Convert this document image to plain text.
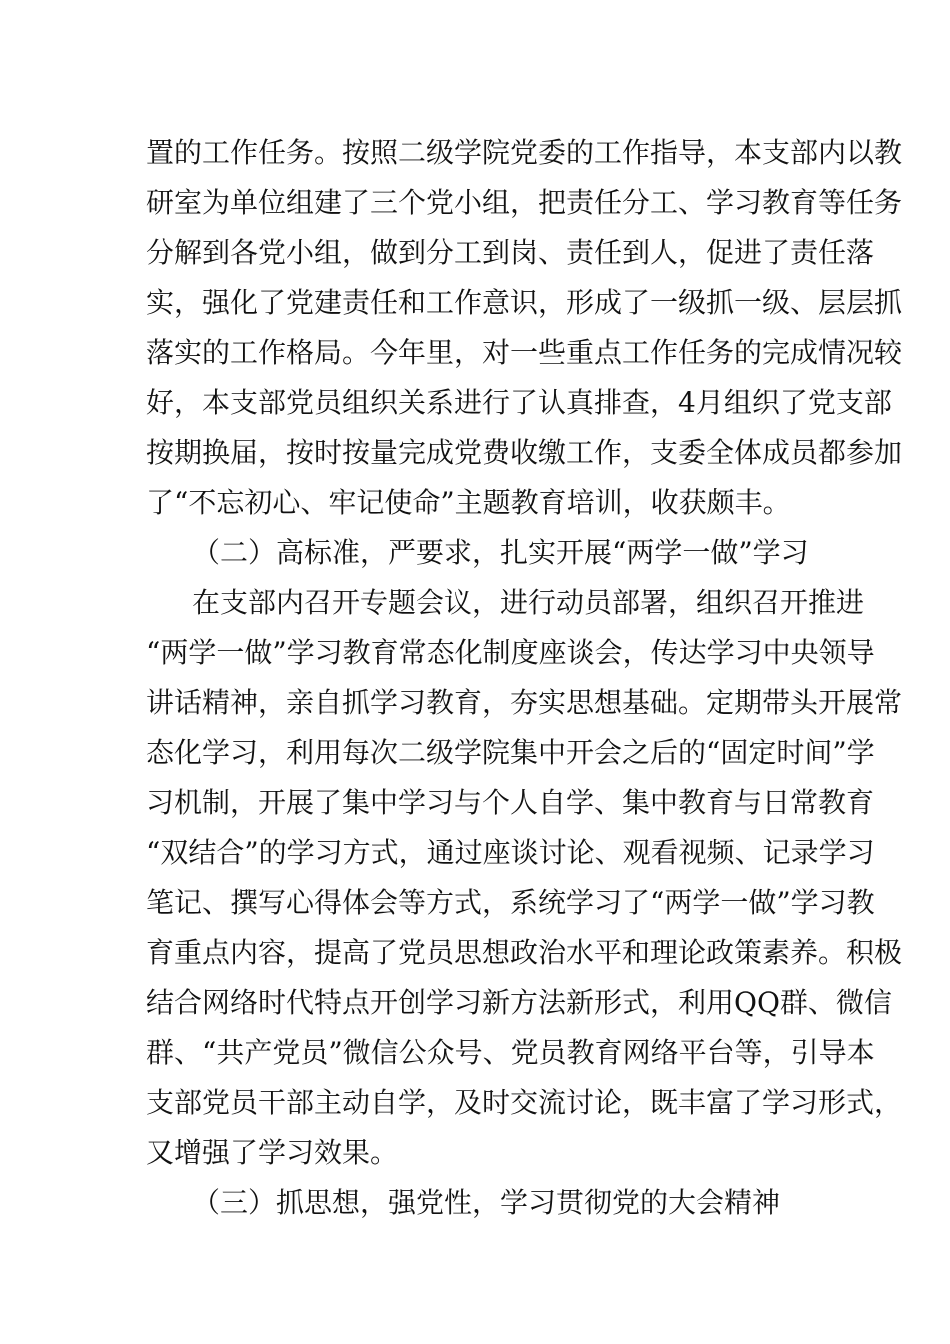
置的工作任务。按照二级学院党委的工作指导，本支部内以教
研室为单位组建了三个党小组，把责任分工、学习教育等任务
分解到各党小组，做到分工到岗、责任到人，促进了责任落
实，强化了党建责任和工作意识，形成了一级抓一级、层层抓
落实的工作格局。今年里，对一些重点工作任务的完成情况较
好，本支部党员组织关系进行了认真排查，4月组织了党支部
按期换届，按时按量完成党费收缴工作，支委全体成员都参加
了“不忘初心、牢记使命”主题教育培训，收获颇丰。
（二）高标准，严要求，扎实开展“两学一做”学习
在支部内召开专题会议，进行动员部署，组织召开推进
“两学一做”学习教育常态化制度座谈会，传达学习中央领导
讲话精神，亲自抓学习教育，夯实思想基础。定期带头开展常
态化学习，利用每次二级学院集中开会之后的“固定时间”学
习机制，开展了集中学习与个人自学、集中教育与日常教育
“双结合”的学习方式，通过座谈讨论、观看视频、记录学习
笔记、撰写心得体会等方式，系统学习了“两学一做”学习教
育重点内容，提高了党员思想政治水平和理论政策素养。积极
结合网络时代特点开创学习新方法新形式，利用QQ群、微信
群、“共产党员”微信公众号、党员教育网络平台等，引导本
支部党员干部主动自学，及时交流讨论，既丰富了学习形式，
又增强了学习效果。
（三）抓思想，强党性，学习贯彻党的大会精神
